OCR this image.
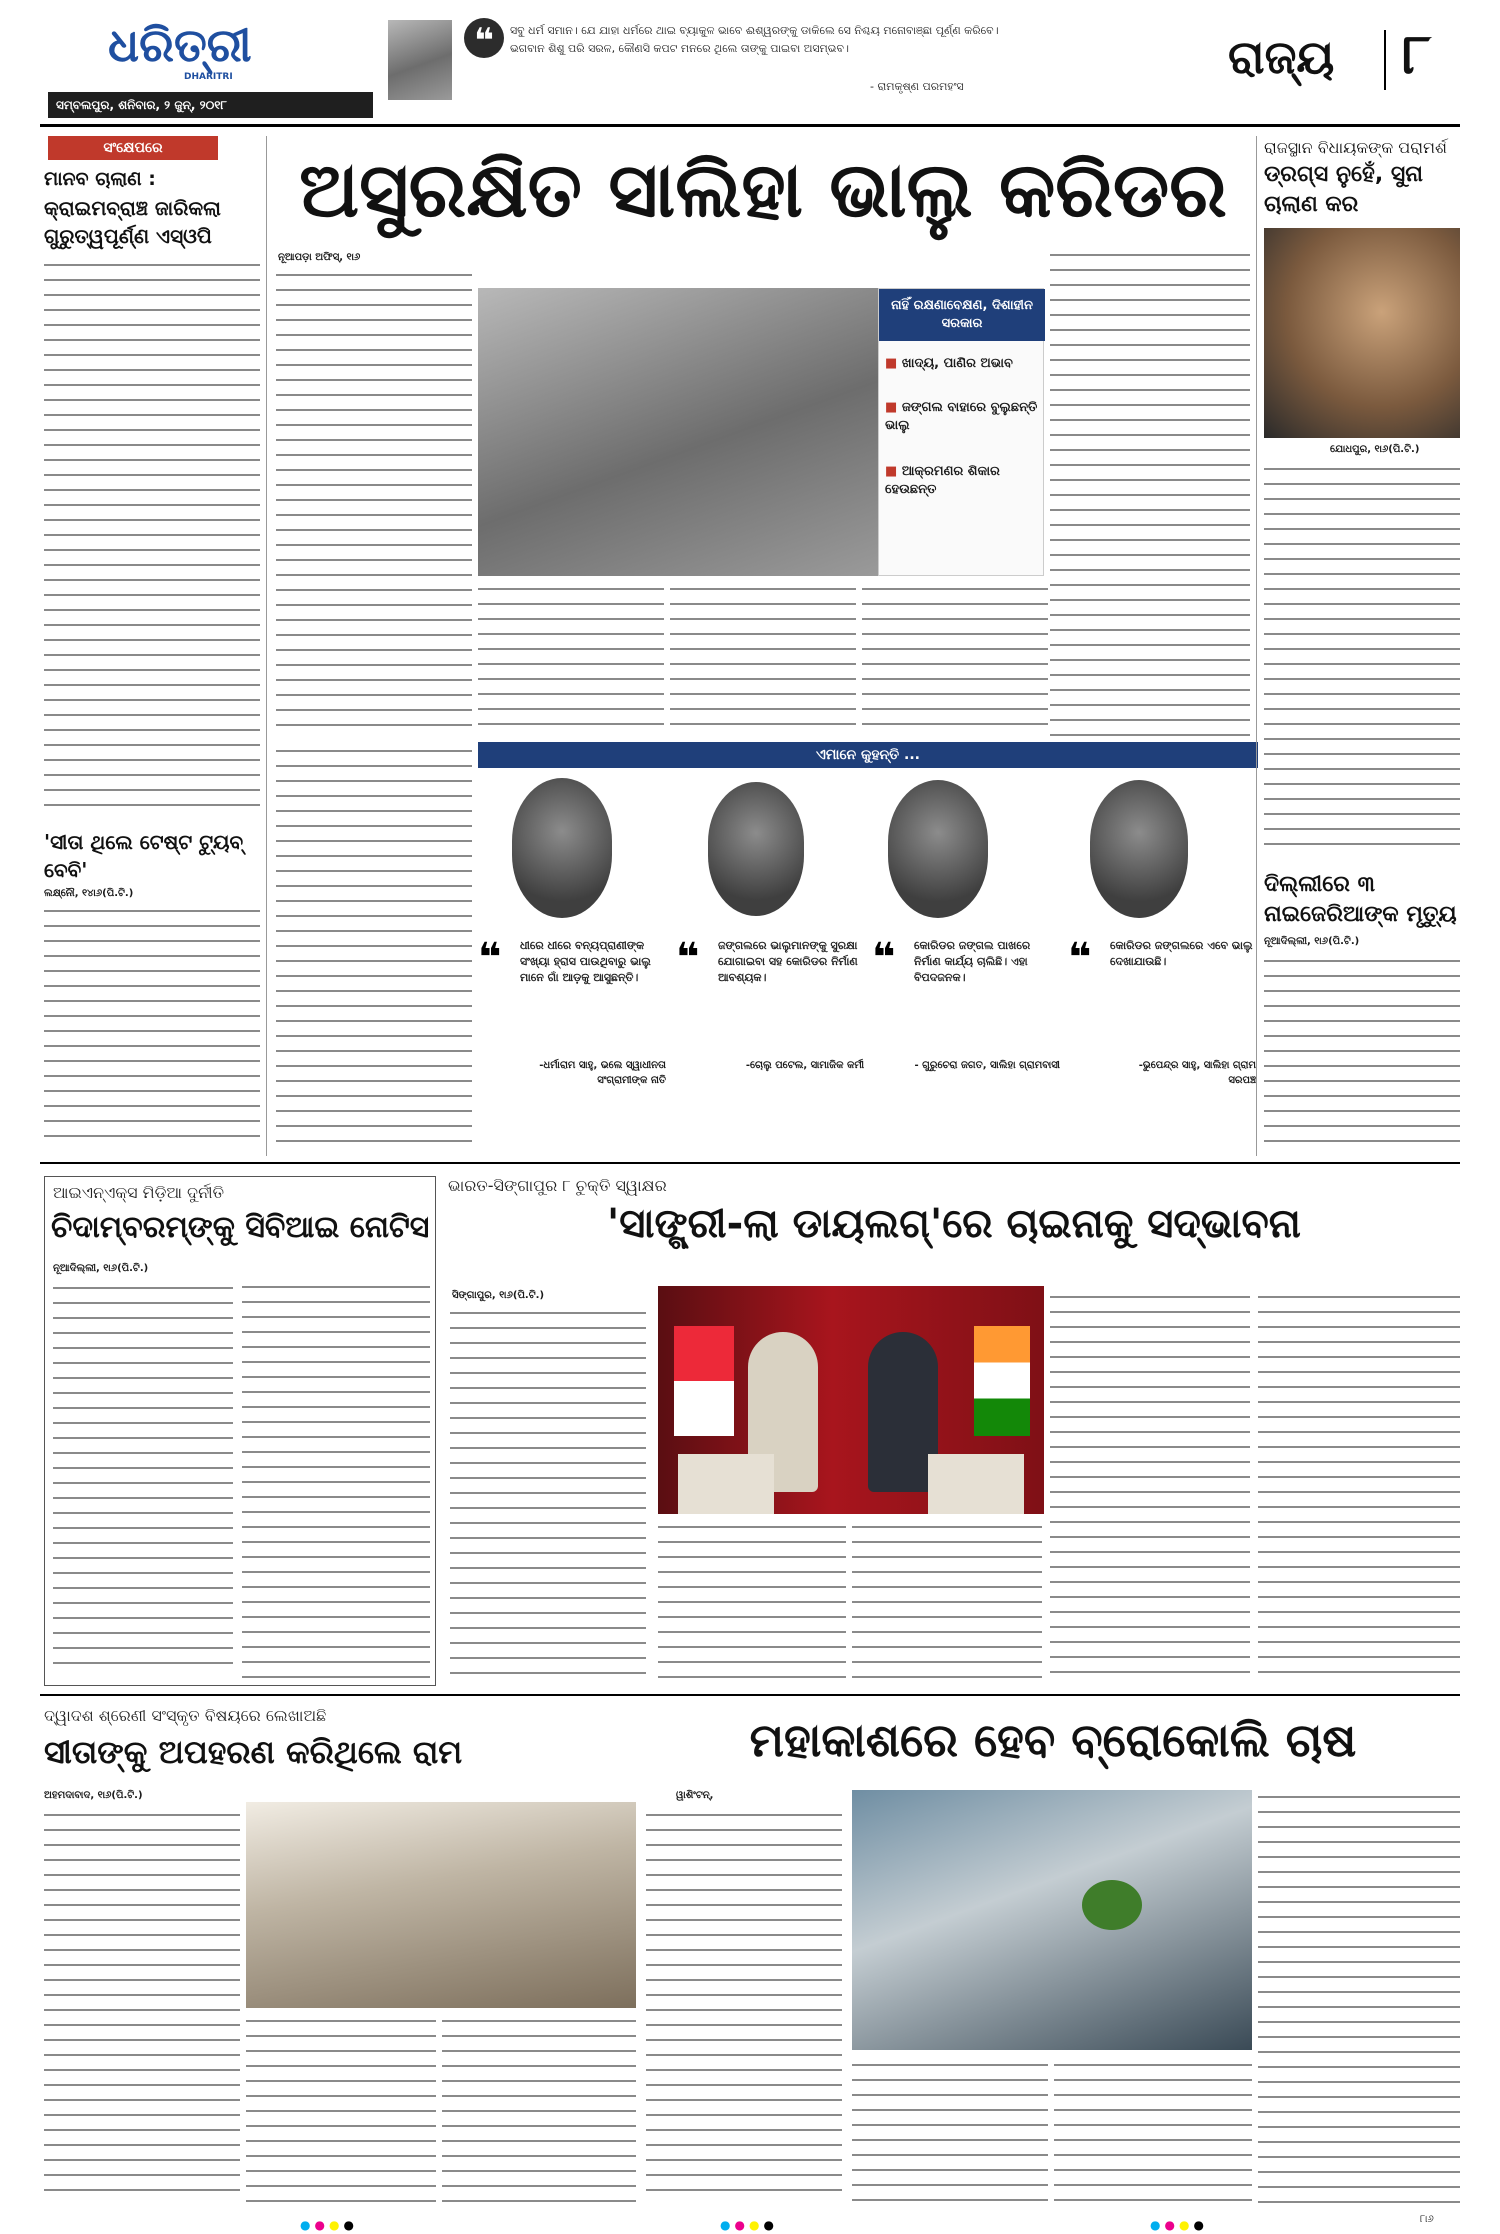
ଧରିତ୍ରୀ
DHARITRI
ସମ୍ବଲପୁର, ଶନିବାର, ୨ ଜୁନ୍, ୨୦୧୮
❝	ସବୁ ଧର୍ମ ସମାନ। ଯେ ଯାହା ଧର୍ମରେ ଥାଇ ବ୍ୟାକୁଳ ଭାବେ ଈଶ୍ୱରଙ୍କୁ ଡାକିଲେ ସେ ନିଶ୍ଚୟ ମନୋବାଞ୍ଛା ପୂର୍ଣ୍ଣ କରିବେ। ଭଗବାନ ଶିଶୁ ପରି ସରଳ, କୌଣସି କପଟ ମନରେ ଥିଲେ ତାଙ୍କୁ ପାଇବା ଅସମ୍ଭବ।
- ରାମକୃଷ୍ଣ ପରମହଂସ
ରାଜ୍ୟ ୮
ସଂକ୍ଷେପରେ
ମାନବ ଚାଲାଣ :
କ୍ରାଇମବ୍ରାଞ୍ଚ ଜାରିକଲା ଗୁରୁତ୍ୱପୂର୍ଣ୍ଣ ଏସ୍‌ଓପି
'ସୀତା ଥିଲେ ଟେଷ୍ଟ ଟ୍ୟୁବ୍ ବେବି'
ଲକ୍ଷ୍ନୌ, ୧୪ା୬(ପି.ଟି.)
ଅସୁରକ୍ଷିତ ସାଲିହା ଭାଲୁ କରିଡର
ନୂଆପଡ଼ା ଅଫିସ୍, ୧ା୬
ନାହିଁ ରକ୍ଷଣାବେକ୍ଷଣ, ଦିଶାହୀନ ସରକାର
■ ଖାଦ୍ୟ, ପାଣିର ଅଭାବ
■ ଜଙ୍ଗଲ ବାହାରେ ବୁଲୁଛନ୍ତି ଭାଲୁ
■ ଆକ୍ରମଣର ଶିକାର ହେଉଛନ୍ତ
ଏମାନେ କୁହନ୍ତି ...
❝	ଧୀରେ ଧୀରେ ବନ୍ୟପ୍ରାଣୀଙ୍କ ସଂଖ୍ୟା ହ୍ରାସ ପାଉଥିବାରୁ ଭାଲୁ ମାନେ ଗାଁ ଆଡ଼କୁ ଆସୁଛନ୍ତି।
-ଧର୍ମାରାମ ସାହୁ, ଭଲେ ସ୍ୱାଧୀନତା ସଂଗ୍ରାମୀଙ୍କ ନାତି
❝	ଜଙ୍ଗଲରେ ଭାଲୁମାନଙ୍କୁ ସୁରକ୍ଷା ଯୋଗାଇବା ସହ କୋରିଡର ନିର୍ମାଣ ଆବଶ୍ୟକ।
-ଚୋଲୁ ପଟେଲ, ସାମାଜିକ କର୍ମୀ
❝	କୋରିଡର ଜଙ୍ଗଲ ପାଖରେ ନିର୍ମାଣ କାର୍ଯ୍ୟ ଚାଲିଛି। ଏହା ବିପଦଜନକ।
- ଗୁରୁଚେରା ଜଗତ, ସାଲିହା ଗ୍ରାମବାସୀ
❝	କୋରିଡର ଜଙ୍ଗଲରେ ଏବେ ଭାଲୁ ଦେଖାଯାଉଛି।
-ଭୁପେନ୍ଦ୍ର ସାହୁ, ସାଲିହା ଗ୍ରାମ ସରପଞ୍ଚ
ରାଜସ୍ଥାନ ବିଧାୟକଙ୍କ ପରାମର୍ଶ
ଡ୍ରଗ୍ସ ନୁହେଁ, ସୁନା ଚାଲାଣ କର
ଯୋଧପୁର, ୧ା୬(ପି.ଟି.)
ଦିଲ୍ଲୀରେ ୩ ନାଇଜେରିଆଙ୍କ ମୃତ୍ୟୁ
ନୂଆଦିଲ୍ଲୀ, ୧ା୬(ପି.ଟି.)
ଆଇଏନ୍ଏକ୍ସ ମିଡ଼ିଆ ଦୁର୍ନୀତି
ଚିଦାମ୍ବରମ୍‌ଙ୍କୁ ସିବିଆଇ ନୋଟିସ
ନୂଆଦିଲ୍ଲୀ, ୧ା୬(ପି.ଟି.)
ଭାରତ-ସିଙ୍ଗାପୁର ୮ ଚୁକ୍ତି ସ୍ୱାକ୍ଷର
'ସାଙ୍ଗ୍ରୀ-ଲା ଡାୟଲଗ୍'ରେ ଚାଇନାକୁ ସଦ୍‌ଭାବନା
ସିଙ୍ଗାପୁର, ୧ା୬(ପି.ଟି.)
ଦ୍ୱାଦଶ ଶ୍ରେଣୀ ସଂସ୍କୃତ ବିଷୟରେ ଲେଖାଅଛି
ସୀତାଙ୍କୁ ଅପହରଣ କରିଥିଲେ ରାମ
ଅହମଦାବାଦ, ୧ା୬(ପି.ଟି.)
ମହାକାଶରେ ହେବ ବ୍ରୋକୋଲି ଚାଷ
ୱାଶିଂଟନ୍,
●●●●	●●●●	●●●●	୮ା୬
